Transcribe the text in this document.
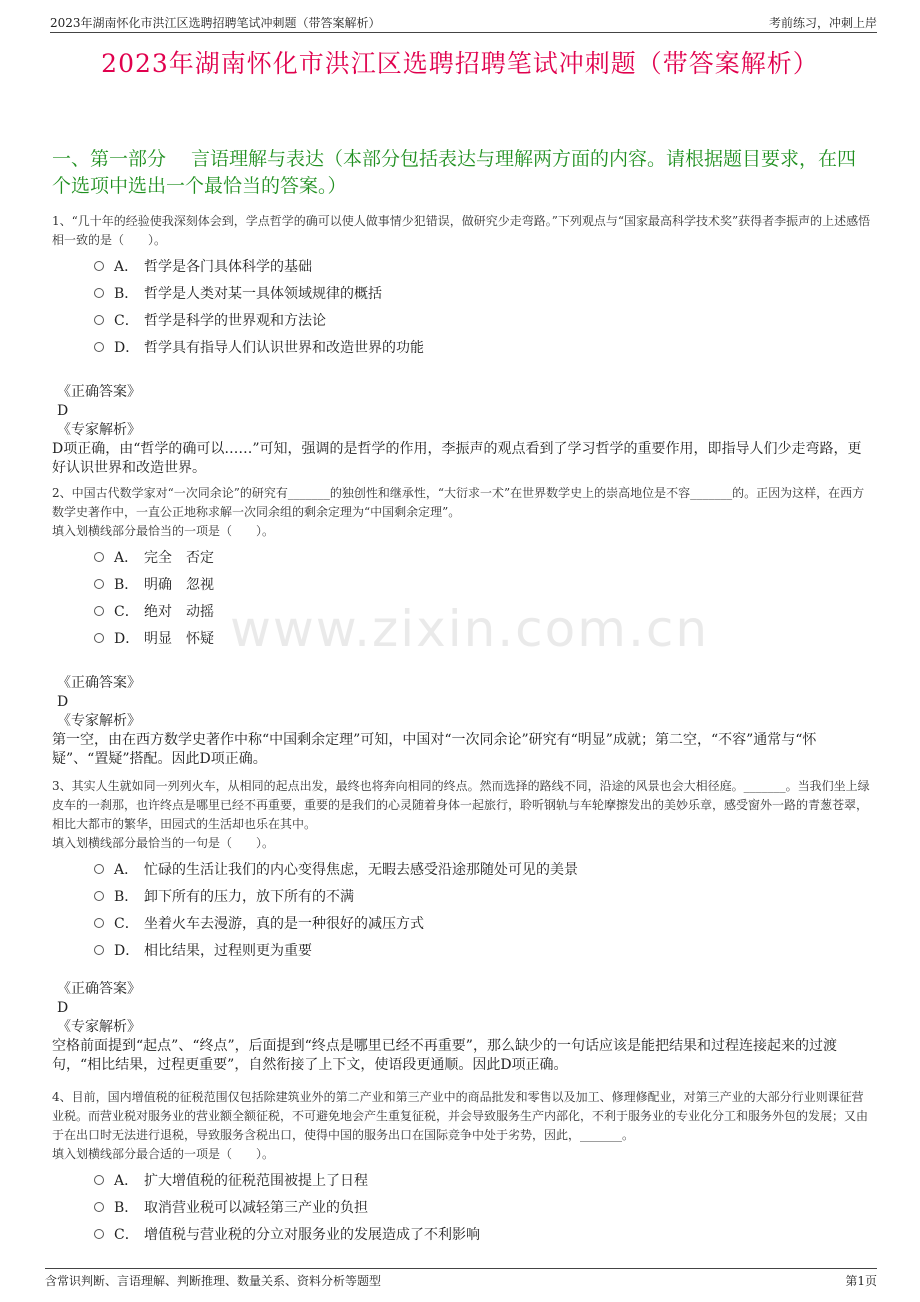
2023年湖南怀化市洪江区选聘招聘笔试冲刺题（带答案解析）	考前练习，冲刺上岸
2023年湖南怀化市洪江区选聘招聘笔试冲刺题（带答案解析）
www.zixin.com.cn
一、第一部分　 言语理解与表达（本部分包括表达与理解两方面的内容。请根据题目要求，在四个选项中选出一个最恰当的答案。）
1、“几十年的经验使我深刻体会到，学点哲学的确可以使人做事情少犯错误，做研究少走弯路。”下列观点与“国家最高科学技术奖”获得者李振声的上述感悟相一致的是（　　）。
A． 哲学是各门具体科学的基础
B． 哲学是人类对某一具体领域规律的概括
C． 哲学是科学的世界观和方法论
D． 哲学具有指导人们认识世界和改造世界的功能
《正确答案》
D
《专家解析》
D项正确，由“哲学的确可以……”可知，强调的是哲学的作用，李振声的观点看到了学习哲学的重要作用，即指导人们少走弯路，更好认识世界和改造世界。
2、中国古代数学家对“一次同余论”的研究有_______的独创性和继承性，“大衍求一术”在世界数学史上的崇高地位是不容_______的。正因为这样，在西方数学史著作中，一直公正地称求解一次同余组的剩余定理为“中国剩余定理”。
填入划横线部分最恰当的一项是（　　）。
A． 完全　否定
B． 明确　忽视
C． 绝对　动摇
D． 明显　怀疑
《正确答案》
D
《专家解析》
第一空，由在西方数学史著作中称“中国剩余定理”可知，中国对“一次同余论”研究有“明显”成就；第二空，“不容”通常与“怀疑”、“置疑”搭配。因此D项正确。
3、其实人生就如同一列列火车，从相同的起点出发，最终也将奔向相同的终点。然而选择的路线不同，沿途的风景也会大相径庭。_______。当我们坐上绿皮车的一刹那，也许终点是哪里已经不再重要，重要的是我们的心灵随着身体一起旅行，聆听钢轨与车轮摩擦发出的美妙乐章，感受窗外一路的青葱苍翠，相比大都市的繁华，田园式的生活却也乐在其中。
填入划横线部分最恰当的一句是（　　）。
A． 忙碌的生活让我们的内心变得焦虑，无暇去感受沿途那随处可见的美景
B． 卸下所有的压力，放下所有的不满
C． 坐着火车去漫游，真的是一种很好的减压方式
D． 相比结果，过程则更为重要
《正确答案》
D
《专家解析》
空格前面提到“起点”、“终点”，后面提到“终点是哪里已经不再重要”，那么缺少的一句话应该是能把结果和过程连接起来的过渡句，“相比结果，过程更重要”，自然衔接了上下文，使语段更通顺。因此D项正确。
4、目前，国内增值税的征税范围仅包括除建筑业外的第二产业和第三产业中的商品批发和零售以及加工、修理修配业，对第三产业的大部分行业则课征营业税。而营业税对服务业的营业额全额征税，不可避免地会产生重复征税，并会导致服务生产内部化，不利于服务业的专业化分工和服务外包的发展；又由于在出口时无法进行退税，导致服务含税出口，使得中国的服务出口在国际竞争中处于劣势，因此，_______。
填入划横线部分最合适的一项是（　　）。
A． 扩大增值税的征税范围被提上了日程
B． 取消营业税可以减轻第三产业的负担
C． 增值税与营业税的分立对服务业的发展造成了不利影响
含常识判断、言语理解、判断推理、数量关系、资料分析等题型	第1页
